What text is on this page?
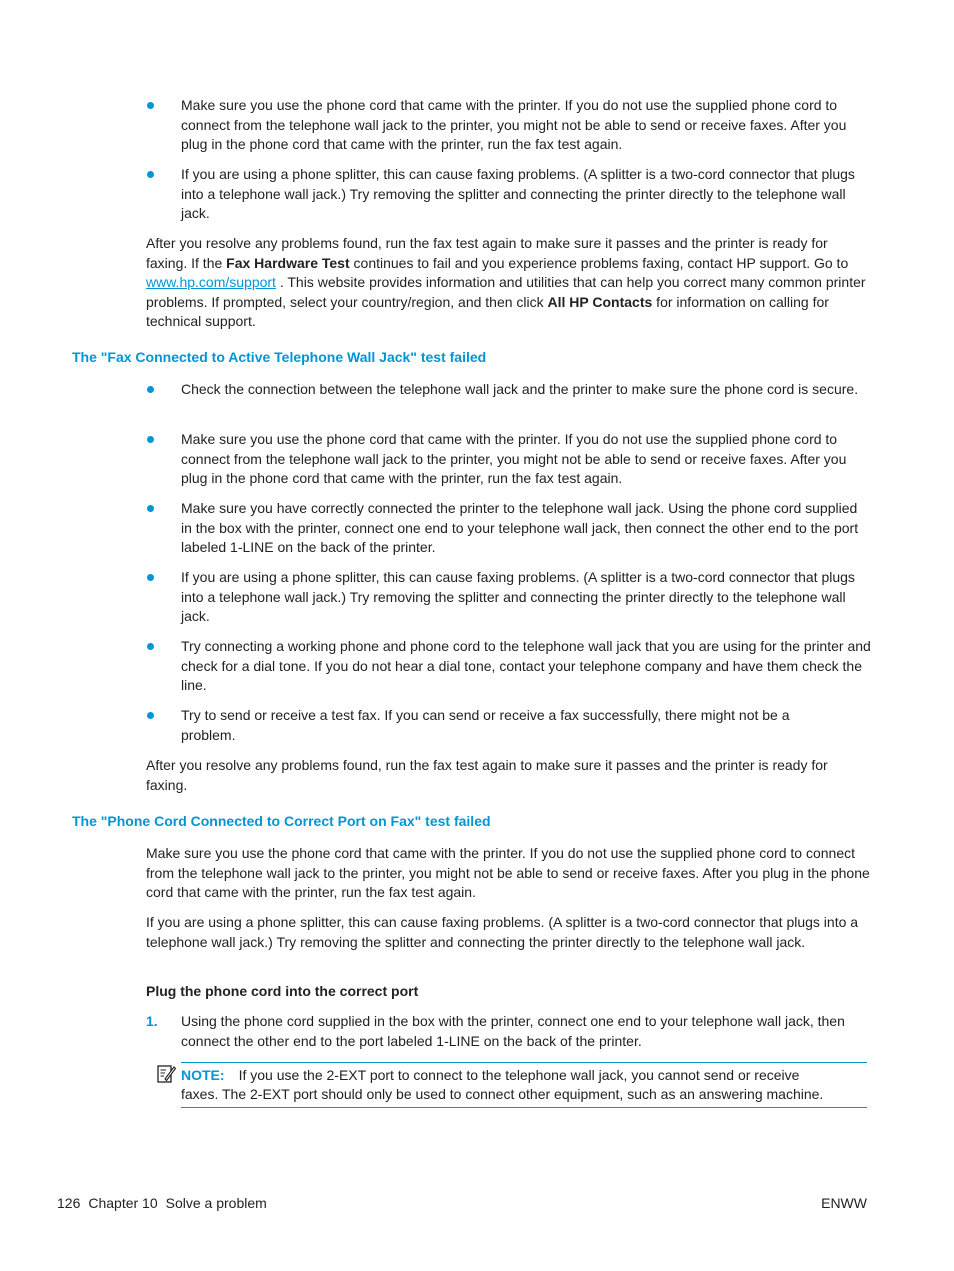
Make sure you use the phone cord that came with the printer. If you do not use the supplied phone cord to connect from the telephone wall jack to the printer, you might not be able to send or receive faxes. After you plug in the phone cord that came with the printer, run the fax test again.
If you are using a phone splitter, this can cause faxing problems. (A splitter is a two-cord connector that plugs into a telephone wall jack.) Try removing the splitter and connecting the printer directly to the telephone wall jack.
After you resolve any problems found, run the fax test again to make sure it passes and the printer is ready for faxing. If the Fax Hardware Test continues to fail and you experience problems faxing, contact HP support. Go to www.hp.com/support . This website provides information and utilities that can help you correct many common printer problems. If prompted, select your country/region, and then click All HP Contacts for information on calling for technical support.
The "Fax Connected to Active Telephone Wall Jack" test failed
Check the connection between the telephone wall jack and the printer to make sure the phone cord is secure.
Make sure you use the phone cord that came with the printer. If you do not use the supplied phone cord to connect from the telephone wall jack to the printer, you might not be able to send or receive faxes. After you plug in the phone cord that came with the printer, run the fax test again.
Make sure you have correctly connected the printer to the telephone wall jack. Using the phone cord supplied in the box with the printer, connect one end to your telephone wall jack, then connect the other end to the port labeled 1-LINE on the back of the printer.
If you are using a phone splitter, this can cause faxing problems. (A splitter is a two-cord connector that plugs into a telephone wall jack.) Try removing the splitter and connecting the printer directly to the telephone wall jack.
Try connecting a working phone and phone cord to the telephone wall jack that you are using for the printer and check for a dial tone. If you do not hear a dial tone, contact your telephone company and have them check the line.
Try to send or receive a test fax. If you can send or receive a fax successfully, there might not be a problem.
After you resolve any problems found, run the fax test again to make sure it passes and the printer is ready for faxing.
The "Phone Cord Connected to Correct Port on Fax" test failed
Make sure you use the phone cord that came with the printer. If you do not use the supplied phone cord to connect from the telephone wall jack to the printer, you might not be able to send or receive faxes. After you plug in the phone cord that came with the printer, run the fax test again.
If you are using a phone splitter, this can cause faxing problems. (A splitter is a two-cord connector that plugs into a telephone wall jack.) Try removing the splitter and connecting the printer directly to the telephone wall jack.
Plug the phone cord into the correct port
1. Using the phone cord supplied in the box with the printer, connect one end to your telephone wall jack, then connect the other end to the port labeled 1-LINE on the back of the printer.
NOTE: If you use the 2-EXT port to connect to the telephone wall jack, you cannot send or receive
faxes. The 2-EXT port should only be used to connect other equipment, such as an answering machine.
126 Chapter 10 Solve a problem	ENWW
